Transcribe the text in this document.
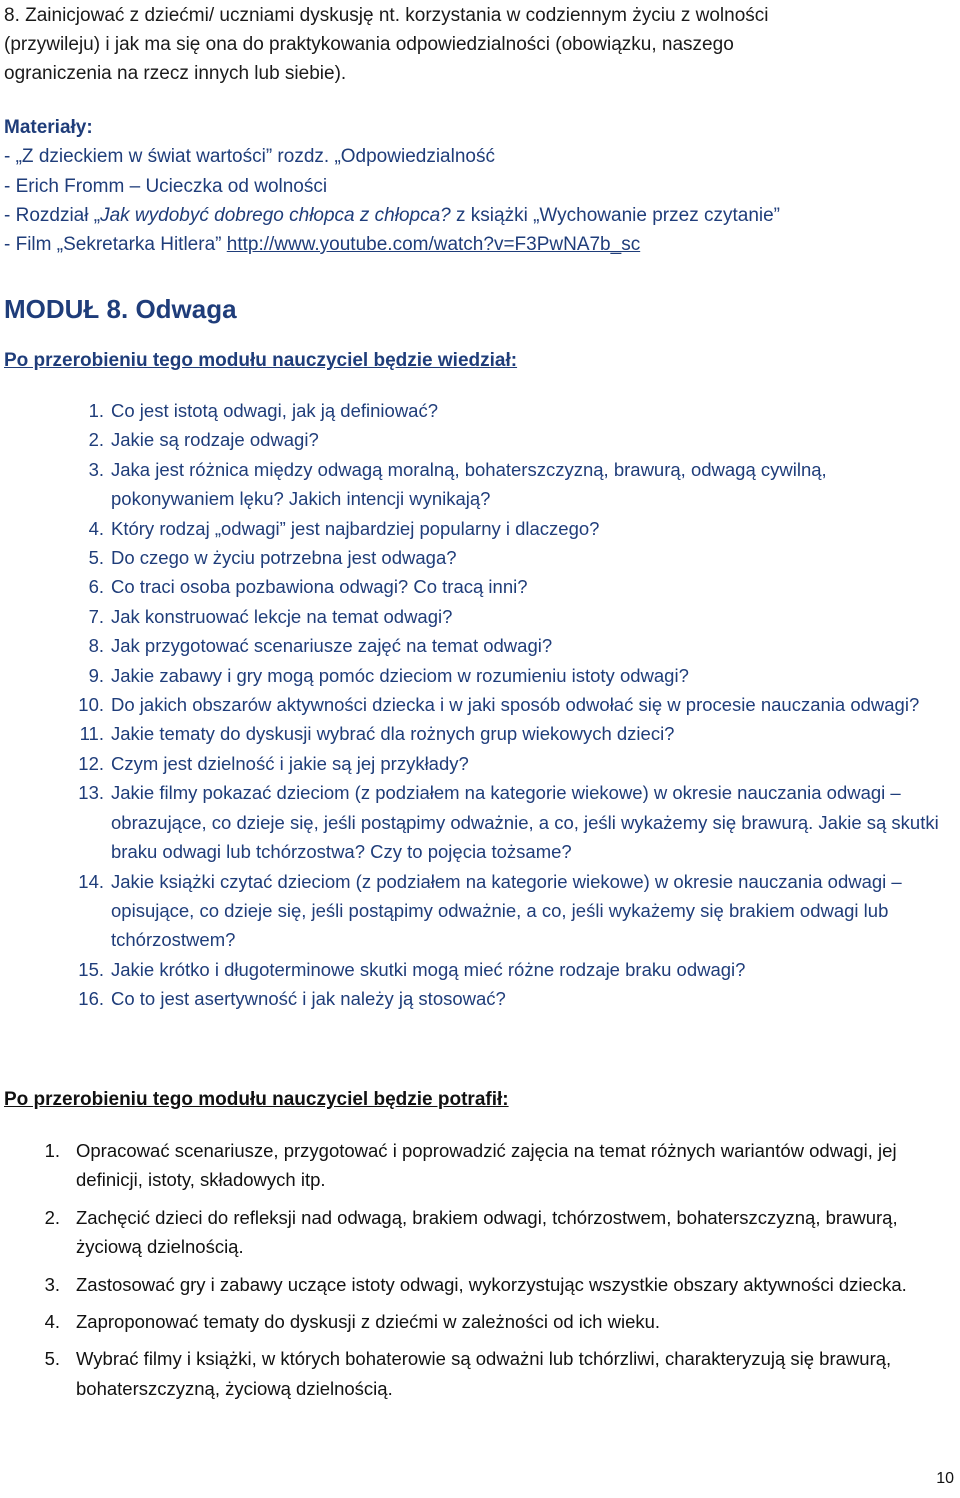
8. Zainicjować z dziećmi/ uczniami dyskusję nt. korzystania w codziennym życiu z wolności
(przywileju) i jak ma się ona do praktykowania odpowiedzialności (obowiązku, naszego
ograniczenia na rzecz innych lub siebie).
Materiały:
- „Z dzieckiem w świat wartości” rozdz. „Odpowiedzialność
- Erich Fromm – Ucieczka od wolności
- Rozdział „Jak wydobyć dobrego chłopca z chłopca? z książki „Wychowanie przez czytanie”
- Film „Sekretarka Hitlera” http://www.youtube.com/watch?v=F3PwNA7b_sc
MODUŁ 8. Odwaga
Po przerobieniu tego modułu nauczyciel będzie wiedział:
1. Co jest istotą odwagi, jak ją definiować?
2. Jakie są rodzaje odwagi?
3. Jaka jest różnica między odwagą moralną, bohaterszczyzną, brawurą, odwagą cywilną, pokonywaniem lęku? Jakich intencji wynikają?
4. Który rodzaj „odwagi” jest najbardziej popularny i dlaczego?
5. Do czego w życiu potrzebna jest odwaga?
6. Co traci osoba pozbawiona odwagi? Co tracą inni?
7. Jak konstruować lekcje na temat odwagi?
8. Jak przygotować scenariusze zajęć na temat odwagi?
9. Jakie zabawy i gry mogą pomóc dzieciom w rozumieniu istoty odwagi?
10. Do jakich obszarów aktywności dziecka i w jaki sposób odwołać się w procesie nauczania odwagi?
11. Jakie tematy do dyskusji wybrać dla rożnych grup wiekowych dzieci?
12. Czym jest dzielność i jakie są jej przykłady?
13. Jakie filmy pokazać dzieciom (z podziałem na kategorie wiekowe) w okresie nauczania odwagi – obrazujące, co dzieje się, jeśli postąpimy odważnie, a co, jeśli wykażemy się brawurą. Jakie są skutki braku odwagi lub tchórzostwa? Czy to pojęcia tożsame?
14. Jakie książki czytać dzieciom (z podziałem na kategorie wiekowe) w okresie nauczania odwagi – opisujące, co dzieje się, jeśli postąpimy odważnie, a co, jeśli wykażemy się brakiem odwagi lub tchórzostwem?
15. Jakie krótko i długoterminowe skutki mogą mieć różne rodzaje braku odwagi?
16. Co to jest asertywność i jak należy ją stosować?
Po przerobieniu tego modułu nauczyciel będzie potrafił:
1. Opracować scenariusze, przygotować i poprowadzić zajęcia na temat różnych wariantów odwagi, jej definicji, istoty, składowych itp.
2. Zachęcić dzieci do refleksji nad odwagą, brakiem odwagi, tchórzostwem, bohaterszczyzną, brawurą, życiową dzielnością.
3. Zastosować gry i zabawy uczące istoty odwagi, wykorzystując wszystkie obszary aktywności dziecka.
4. Zaproponować tematy do dyskusji z dziećmi w zależności od ich wieku.
5. Wybrać filmy i książki, w których bohaterowie są odważni lub tchórzliwi, charakteryzują się brawurą, bohaterszczyzną, życiową dzielnością.
10
